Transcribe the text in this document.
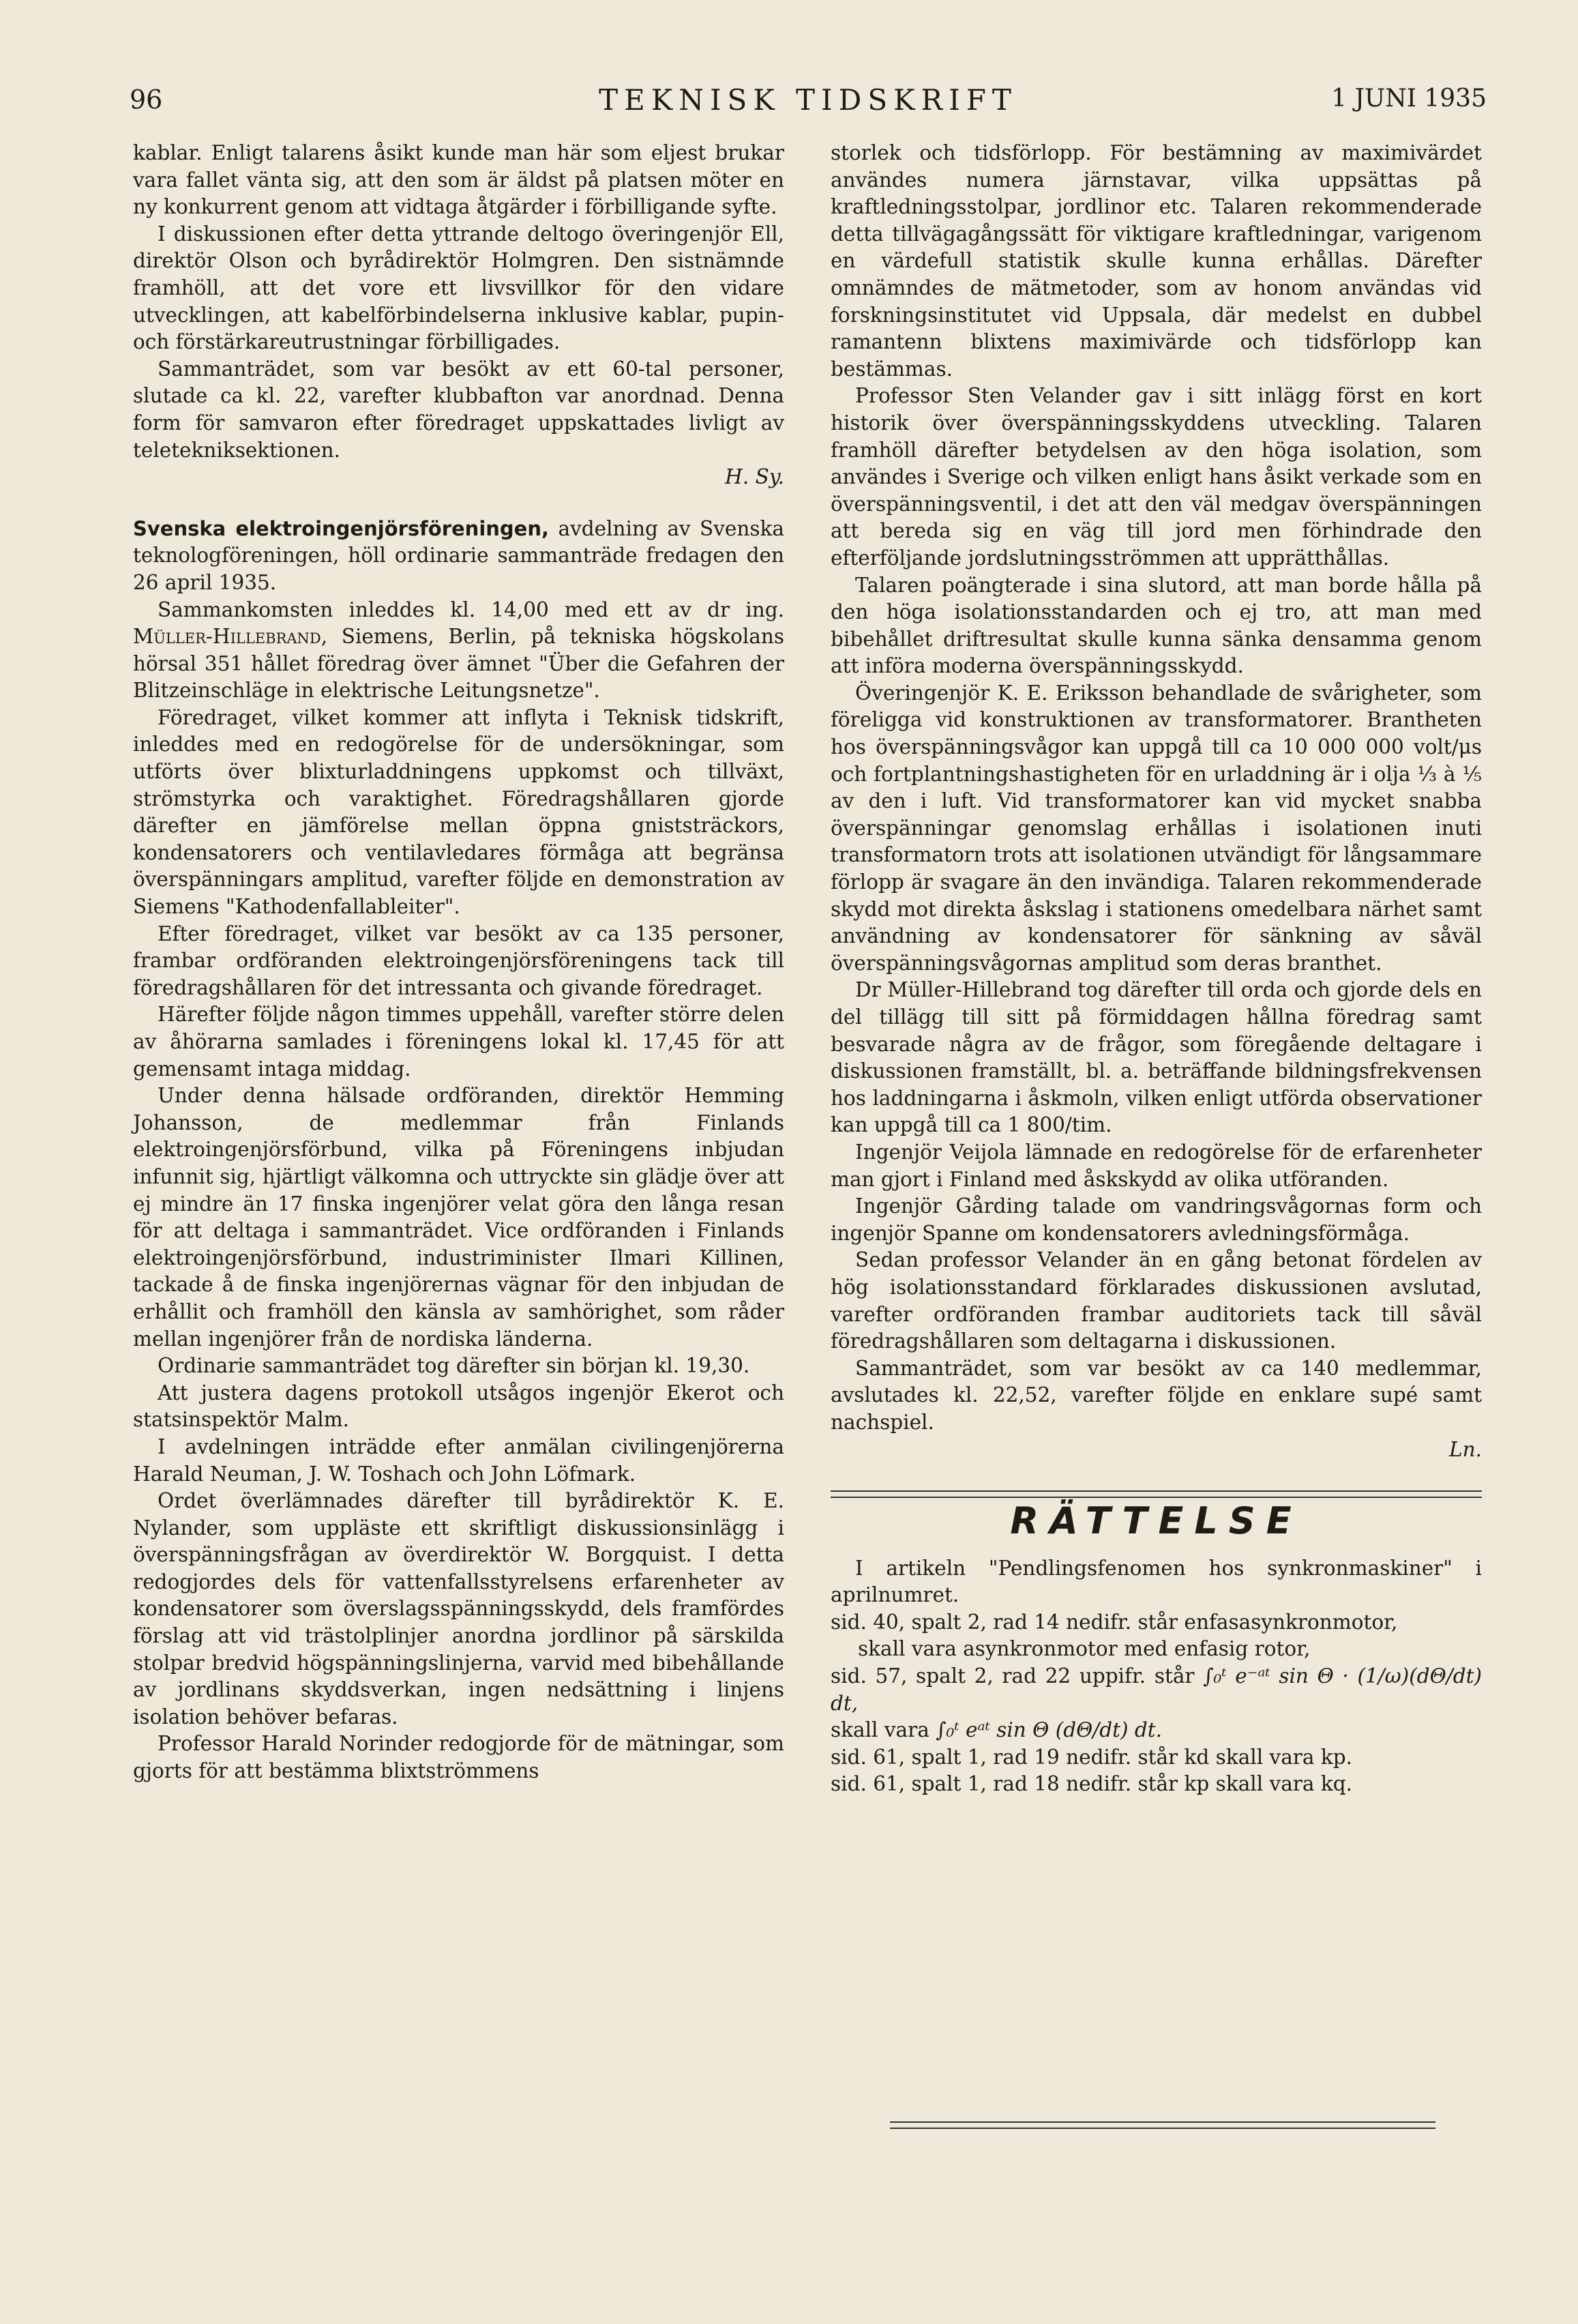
96	TEKNISK TIDSKRIFT	1 JUNI 1935

kablar. Enligt talarens åsikt kunde man här som eljest brukar vara fallet vänta sig, att den som är äldst på platsen möter en ny konkurrent genom att vidtaga åtgärder i förbilligande syfte.

I diskussionen efter detta yttrande deltogo överingenjör Ell, direktör Olson och byrådirektör Holmgren. Den sistnämnde framhöll, att det vore ett livsvillkor för den vidare utvecklingen, att kabelförbindelserna inklusive kablar, pupin- och förstärkareutrustningar förbilligades.

Sammanträdet, som var besökt av ett 60-tal personer, slutade ca kl. 22, varefter klubbafton var anordnad. Denna form för samvaron efter föredraget uppskattades livligt av teletekniksektionen.

H. Sy.

Svenska elektroingenjörsföreningen, avdelning av Svenska teknologföreningen, höll ordinarie sammanträde fredagen den 26 april 1935.

Sammankomsten inleddes kl. 14,00 med ett av dr ing. Müller-Hillebrand, Siemens, Berlin, på tekniska högskolans hörsal 351 hållet föredrag över ämnet "Über die Gefahren der Blitzeinschläge in elektrische Leitungsnetze".

Föredraget, vilket kommer att inflyta i Teknisk tidskrift, inleddes med en redogörelse för de undersökningar, som utförts över blixturladdningens uppkomst och tillväxt, strömstyrka och varaktighet. Föredragshållaren gjorde därefter en jämförelse mellan öppna gniststräckors, kondensatorers och ventilavledares förmåga att begränsa överspänningars amplitud, varefter följde en demonstration av Siemens "Kathodenfallableiter".

Efter föredraget, vilket var besökt av ca 135 personer, frambar ordföranden elektroingenjörsföreningens tack till föredragshållaren för det intressanta och givande föredraget.

Härefter följde någon timmes uppehåll, varefter större delen av åhörarna samlades i föreningens lokal kl. 17,45 för att gemensamt intaga middag.

Under denna hälsade ordföranden, direktör Hemming Johansson, de medlemmar från Finlands elektroingenjörsförbund, vilka på Föreningens inbjudan infunnit sig, hjärtligt välkomna och uttryckte sin glädje över att ej mindre än 17 finska ingenjörer velat göra den långa resan för att deltaga i sammanträdet. Vice ordföranden i Finlands elektroingenjörsförbund, industriminister Ilmari Killinen, tackade å de finska ingenjörernas vägnar för den inbjudan de erhållit och framhöll den känsla av samhörighet, som råder mellan ingenjörer från de nordiska länderna.

Ordinarie sammanträdet tog därefter sin början kl. 19,30.

Att justera dagens protokoll utsågos ingenjör Ekerot och statsinspektör Malm.

I avdelningen inträdde efter anmälan civilingenjörerna Harald Neuman, J. W. Toshach och John Löfmark.

Ordet överlämnades därefter till byrådirektör K. E. Nylander, som uppläste ett skriftligt diskussionsinlägg i överspänningsfrågan av överdirektör W. Borgquist. I detta redogjordes dels för vattenfallsstyrelsens erfarenheter av kondensatorer som överslagsspänningsskydd, dels framfördes förslag att vid trästolplinjer anordna jordlinor på särskilda stolpar bredvid högspänningslinjerna, varvid med bibehållande av jordlinans skyddsverkan, ingen nedsättning i linjens isolation behöver befaras.

Professor Harald Norinder redogjorde för de mätningar, som gjorts för att bestämma blixtströmmens

storlek och tidsförlopp. För bestämning av maximivärdet användes numera järnstavar, vilka uppsättas på kraftledningsstolpar, jordlinor etc. Talaren rekommenderade detta tillvägagångssätt för viktigare kraftledningar, varigenom en värdefull statistik skulle kunna erhållas. Därefter omnämndes de mätmetoder, som av honom användas vid forskningsinstitutet vid Uppsala, där medelst en dubbel ramantenn blixtens maximivärde och tidsförlopp kan bestämmas.

Professor Sten Velander gav i sitt inlägg först en kort historik över överspänningsskyddens utveckling. Talaren framhöll därefter betydelsen av den höga isolation, som användes i Sverige och vilken enligt hans åsikt verkade som en överspänningsventil, i det att den väl medgav överspänningen att bereda sig en väg till jord men förhindrade den efterföljande jordslutningsströmmen att upprätthållas.

Talaren poängterade i sina slutord, att man borde hålla på den höga isolationsstandarden och ej tro, att man med bibehållet driftresultat skulle kunna sänka densamma genom att införa moderna överspänningsskydd.

Överingenjör K. E. Eriksson behandlade de svårigheter, som föreligga vid konstruktionen av transformatorer. Brantheten hos överspänningsvågor kan uppgå till ca 10 000 000 volt/μs och fortplantningshastigheten för en urladdning är i olja ⅓ à ⅕ av den i luft. Vid transformatorer kan vid mycket snabba överspänningar genomslag erhållas i isolationen inuti transformatorn trots att isolationen utvändigt för långsammare förlopp är svagare än den invändiga. Talaren rekommenderade skydd mot direkta åskslag i stationens omedelbara närhet samt användning av kondensatorer för sänkning av såväl överspänningsvågornas amplitud som deras branthet.

Dr Müller-Hillebrand tog därefter till orda och gjorde dels en del tillägg till sitt på förmiddagen hållna föredrag samt besvarade några av de frågor, som föregående deltagare i diskussionen framställt, bl. a. beträffande bildningsfrekvensen hos laddningarna i åskmoln, vilken enligt utförda observationer kan uppgå till ca 1 800/tim.

Ingenjör Veijola lämnade en redogörelse för de erfarenheter man gjort i Finland med åskskydd av olika utföranden.

Ingenjör Gårding talade om vandringsvågornas form och ingenjör Spanne om kondensatorers avledningsförmåga.

Sedan professor Velander än en gång betonat fördelen av hög isolationsstandard förklarades diskussionen avslutad, varefter ordföranden frambar auditoriets tack till såväl föredragshållaren som deltagarna i diskussionen.

Sammanträdet, som var besökt av ca 140 medlemmar, avslutades kl. 22,52, varefter följde en enklare supé samt nachspiel.

Ln.

RÄTTELSE

I artikeln "Pendlingsfenomen hos synkronmaskiner" i aprilnumret.

sid. 40, spalt 2, rad 14 nedifr. står enfasasynkronmotor,

skall vara asynkronmotor med enfasig rotor,

sid. 57, spalt 2, rad 22 uppifr. står ∫₀ᵗ e⁻ᵃᵗ sin Θ · (1/ω)(dΘ/dt) dt,

skall vara ∫₀ᵗ eᵃᵗ sin Θ (dΘ/dt) dt.

sid. 61, spalt 1, rad 19 nedifr. står kd skall vara kp.

sid. 61, spalt 1, rad 18 nedifr. står kp skall vara kq.
